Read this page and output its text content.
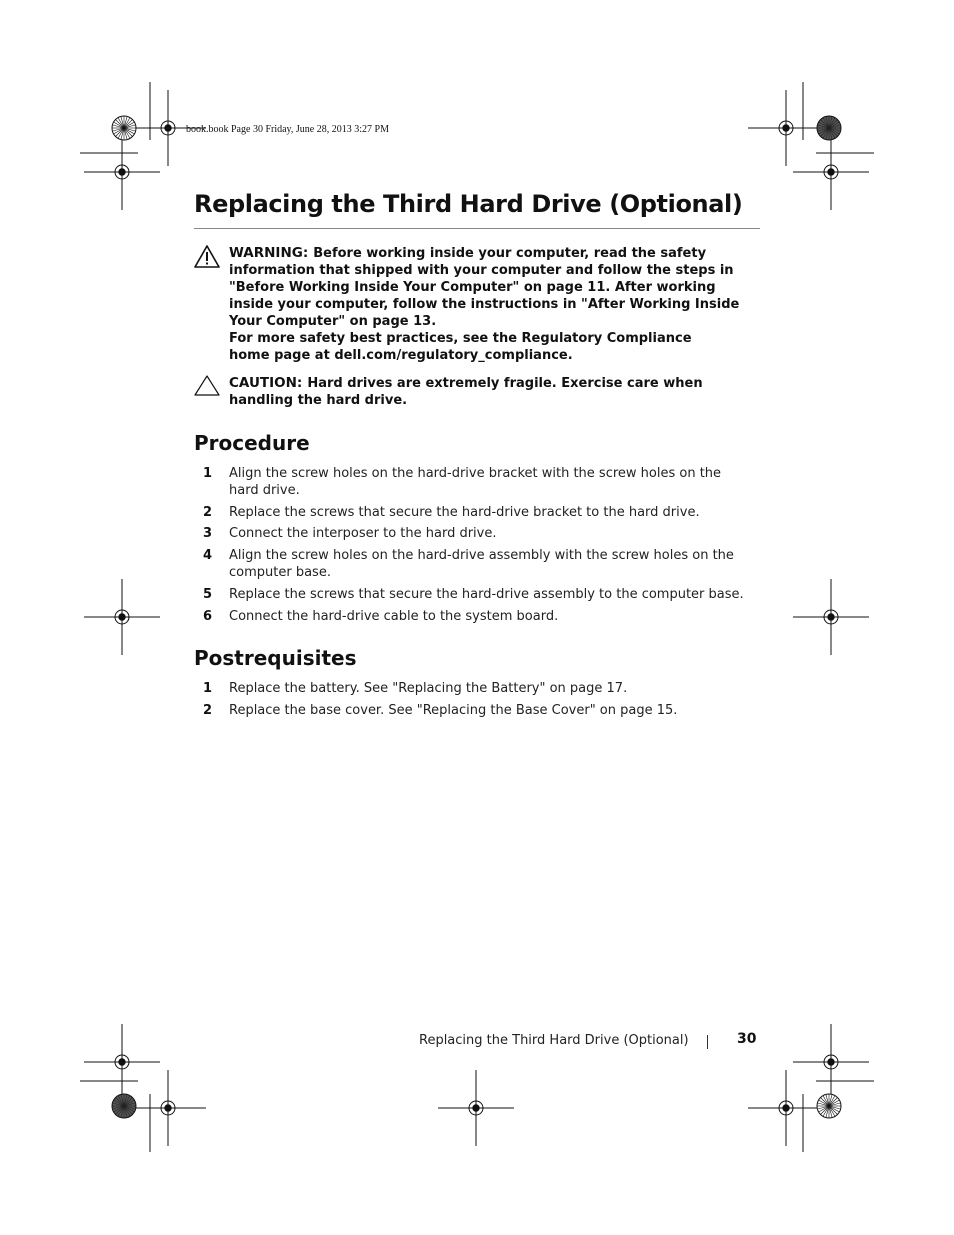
book.book Page 30 Friday, June 28, 2013 3:27 PM
Replacing the Third Hard Drive (Optional)
WARNING: Before working inside your computer, read the safety
information that shipped with your computer and follow the steps in
"Before Working Inside Your Computer" on page 11. After working
inside your computer, follow the instructions in "After Working Inside
Your Computer" on page 13.
For more safety best practices, see the Regulatory Compliance
home page at dell.com/regulatory_compliance.
CAUTION: Hard drives are extremely fragile. Exercise care when
handling the hard drive.
Procedure
1 Align the screw holes on the hard-drive bracket with the screw holes on the
hard drive.
2 Replace the screws that secure the hard-drive bracket to the hard drive.
3 Connect the interposer to the hard drive.
4 Align the screw holes on the hard-drive assembly with the screw holes on the
computer base.
5 Replace the screws that secure the hard-drive assembly to the computer base.
6 Connect the hard-drive cable to the system board.
Postrequisites
1 Replace the battery. See "Replacing the Battery" on page 17.
2 Replace the base cover. See "Replacing the Base Cover" on page 15.
Replacing the Third Hard Drive (Optional)	30
